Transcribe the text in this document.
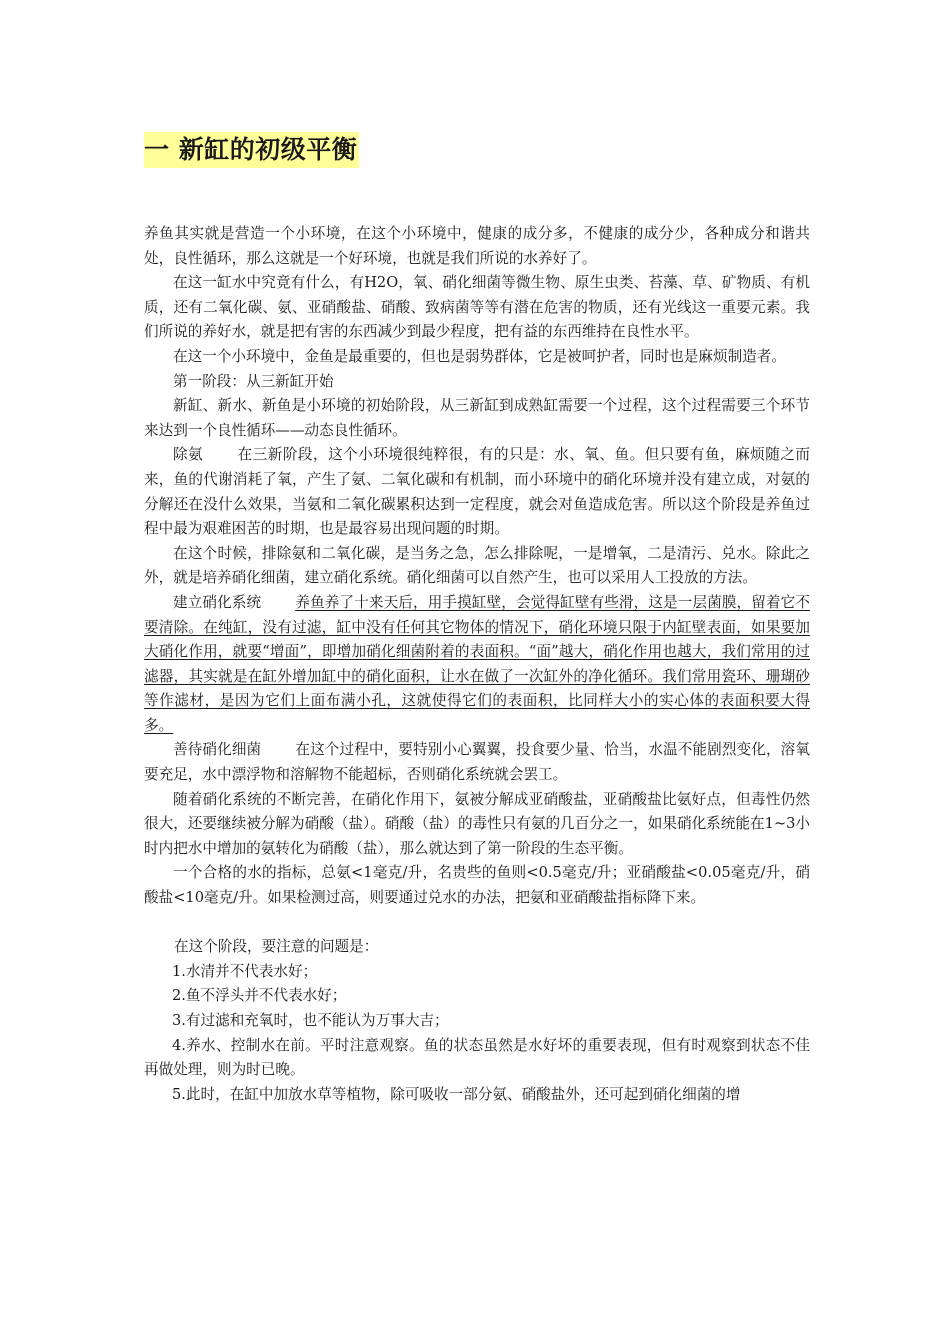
一 新缸的初级平衡

养鱼其实就是营造一个小环境，在这个小环境中，健康的成分多，不健康的成分少，各种成分和谐共处，良性循环，那么这就是一个好环境，也就是我们所说的水养好了。

在这一缸水中究竟有什么，有H2O，氧、硝化细菌等微生物、原生虫类、苔藻、草、矿物质、有机质，还有二氧化碳、氨、亚硝酸盐、硝酸、致病菌等等有潜在危害的物质，还有光线这一重要元素。我们所说的养好水，就是把有害的东西减少到最少程度，把有益的东西维持在良性水平。

在这一个小环境中，金鱼是最重要的，但也是弱势群体，它是被呵护者，同时也是麻烦制造者。

第一阶段：从三新缸开始

新缸、新水、新鱼是小环境的初始阶段，从三新缸到成熟缸需要一个过程，这个过程需要三个环节来达到一个良性循环——动态良性循环。

除氨 在三新阶段，这个小环境很纯粹很，有的只是：水、氧、鱼。但只要有鱼，麻烦随之而来，鱼的代谢消耗了氧，产生了氨、二氧化碳和有机制，而小环境中的硝化环境并没有建立成，对氨的分解还在没什么效果，当氨和二氧化碳累积达到一定程度，就会对鱼造成危害。所以这个阶段是养鱼过程中最为艰难困苦的时期，也是最容易出现问题的时期。

在这个时候，排除氨和二氧化碳，是当务之急，怎么排除呢，一是增氧，二是清污、兑水。除此之外，就是培养硝化细菌，建立硝化系统。硝化细菌可以自然产生，也可以采用人工投放的方法。

建立硝化系统 养鱼养了十来天后，用手摸缸壁，会觉得缸壁有些滑，这是一层菌膜，留着它不要清除。在纯缸，没有过滤，缸中没有任何其它物体的情况下，硝化环境只限于内缸壁表面，如果要加大硝化作用，就要“增面”，即增加硝化细菌附着的表面积。“面”越大，硝化作用也越大，我们常用的过滤器，其实就是在缸外增加缸中的硝化面积，让水在做了一次缸外的净化循环。我们常用瓷环、珊瑚砂等作滤材，是因为它们上面布满小孔，这就使得它们的表面积，比同样大小的实心体的表面积要大得多。

善待硝化细菌 在这个过程中，要特别小心翼翼，投食要少量、恰当，水温不能剧烈变化，溶氧要充足，水中漂浮物和溶解物不能超标，否则硝化系统就会罢工。

随着硝化系统的不断完善，在硝化作用下，氨被分解成亚硝酸盐，亚硝酸盐比氨好点，但毒性仍然很大，还要继续被分解为硝酸（盐）。硝酸（盐）的毒性只有氨的几百分之一，如果硝化系统能在1~3小时内把水中增加的氨转化为硝酸（盐），那么就达到了第一阶段的生态平衡。

一个合格的水的指标，总氨<1毫克/升，名贵些的鱼则<0.5毫克/升；亚硝酸盐<0.05毫克/升，硝酸盐<10毫克/升。如果检测过高，则要通过兑水的办法，把氨和亚硝酸盐指标降下来。

在这个阶段，要注意的问题是：

1.水清并不代表水好；

2.鱼不浮头并不代表水好；

3.有过滤和充氧时，也不能认为万事大吉；

4.养水、控制水在前。平时注意观察。鱼的状态虽然是水好坏的重要表现，但有时观察到状态不佳再做处理，则为时已晚。

5.此时，在缸中加放水草等植物，除可吸收一部分氨、硝酸盐外，还可起到硝化细菌的增
